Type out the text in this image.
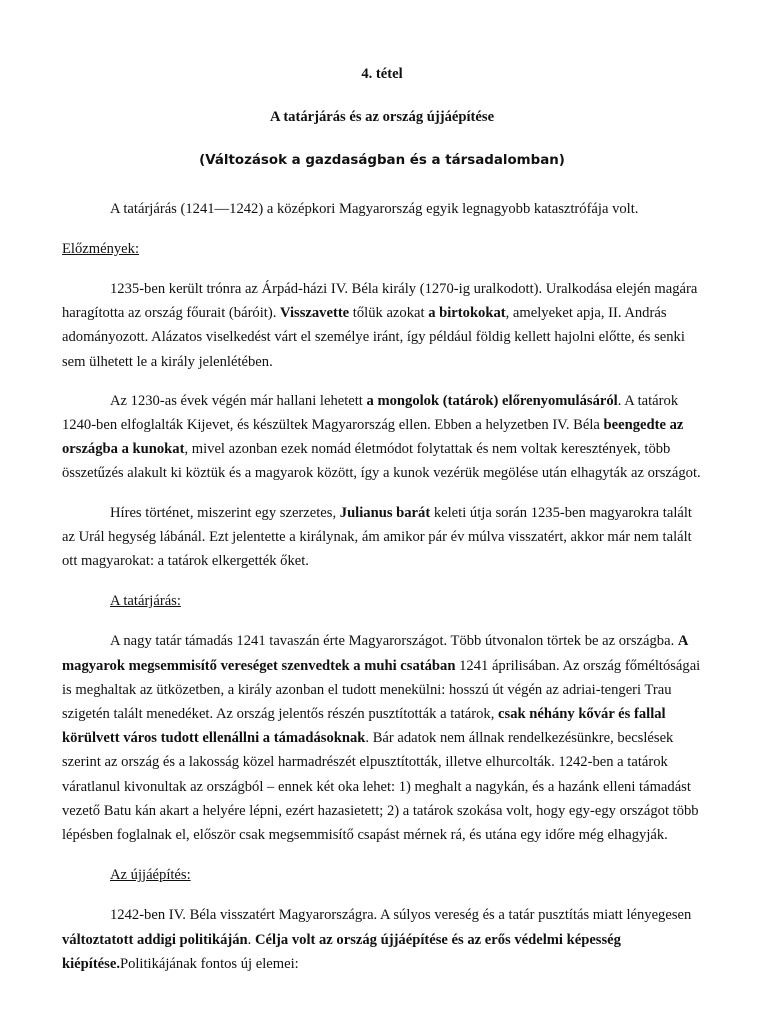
4. tétel

A tatárjárás és az ország újjáépítése

(Változások a gazdaságban és a társadalomban)

A tatárjárás (1241—1242) a középkori Magyarország egyik legnagyobb katasztrófája volt.

Előzmények:

1235-ben került trónra az Árpád-házi IV. Béla király (1270-ig uralkodott). Uralkodása elején magára haragította az ország főurait (báróit). Visszavette tőlük azokat a birtokokat, amelyeket apja, II. András adományozott. Alázatos viselkedést várt el személye iránt, így például földig kellett hajolni előtte, és senki sem ülhetett le a király jelenlétében.

Az 1230-as évek végén már hallani lehetett a mongolok (tatárok) előrenyomulásáról. A tatárok 1240-ben elfoglalták Kijevet, és készültek Magyarország ellen. Ebben a helyzetben IV. Béla beengedte az országba a kunokat, mivel azonban ezek nomád életmódot folytattak és nem voltak keresztények, több összetűzés alakult ki köztük és a magyarok között, így a kunok vezérük megölése után elhagyták az országot.

Híres történet, miszerint egy szerzetes, Julianus barát keleti útja során 1235-ben magyarokra talált az Urál hegység lábánál. Ezt jelentette a királynak, ám amikor pár év múlva visszatért, akkor már nem talált ott magyarokat: a tatárok elkergették őket.

A tatárjárás:

A nagy tatár támadás 1241 tavaszán érte Magyarországot. Több útvonalon törtek be az országba. A magyarok megsemmisítő vereséget szenvedtek a muhi csatában 1241 áprilisában. Az ország főméltóságai is meghaltak az ütközetben, a király azonban el tudott menekülni: hosszú út végén az adriai-tengeri Trau szigetén talált menedéket. Az ország jelentős részén pusztították a tatárok, csak néhány kővár és fallal körülvett város tudott ellenállni a támadásoknak. Bár adatok nem állnak rendelkezésünkre, becslések szerint az ország és a lakosság közel harmadrészét elpusztították, illetve elhurcolták. 1242-ben a tatárok váratlanul kivonultak az országból – ennek két oka lehet: 1) meghalt a nagykán, és a hazánk elleni támadást vezető Batu kán akart a helyére lépni, ezért hazasietett; 2) a tatárok szokása volt, hogy egy-egy országot több lépésben foglalnak el, először csak megsemmisítő csapást mérnek rá, és utána egy időre még elhagyják.

Az újjáépítés:

1242-ben IV. Béla visszatért Magyarországra. A súlyos vereség és a tatár pusztítás miatt lényegesen változtatott addigi politikáján. Célja volt az ország újjáépítése és az erős védelmi képesség kiépítése.Politikájának fontos új elemei:
